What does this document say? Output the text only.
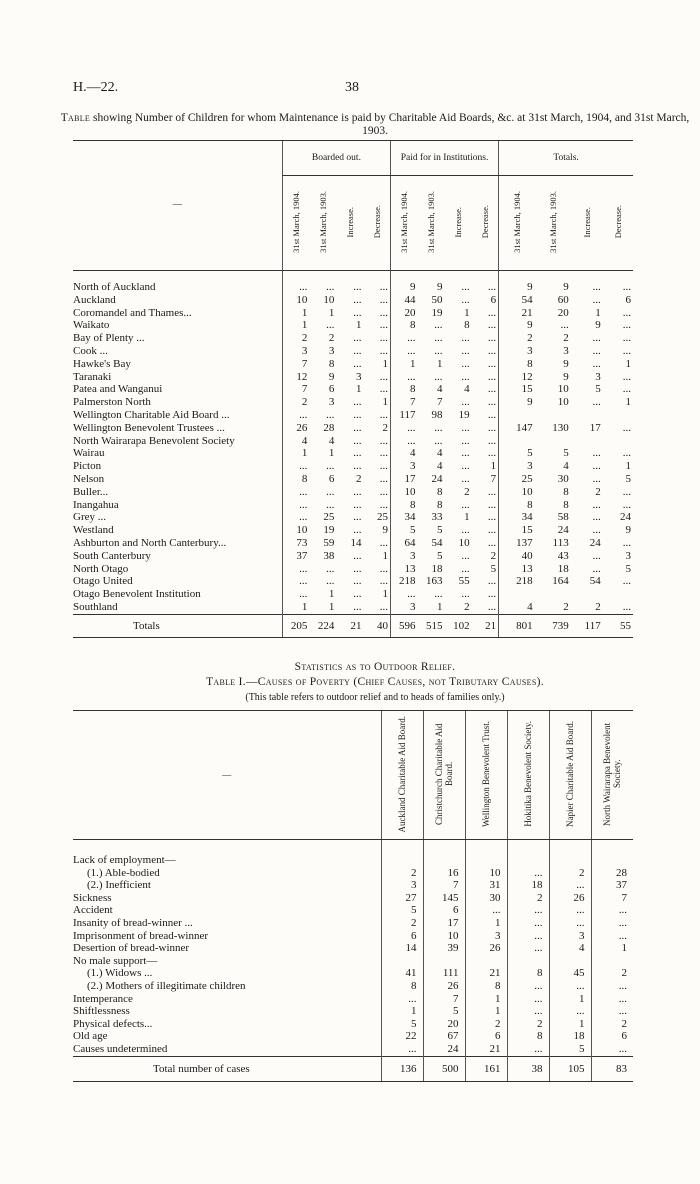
H.—22.	38
Table showing Number of Children for whom Maintenance is paid by Charitable Aid Boards, &c. at 31st March, 1904, and 31st March, 1903.
—	Boarded out.				Paid for in Institutions.				Totals.			
	31st March, 1904.	31st March, 1903.	Increase.	Decrease.	31st March, 1904.	31st March, 1903.	Increase.	Decrease.	31st March, 1904.	31st March, 1903.	Increase.	Decrease.

North of Auckland	...	...	...	...	9	9	...	...	9	9	...	...
Auckland	10	10	...	...	44	50	...	6	54	60	...	6
Coromandel and Thames...	1	1	...	...	20	19	1	...	21	20	1	...
Waikato	1	...	1	...	8	...	8	...	9	...	9	...
Bay of Plenty ...	2	2	...	...	...	...	...	...	2	2	...	...
Cook ...	3	3	...	...	...	...	...	...	3	3	...	...
Hawke's Bay	7	8	...	1	1	1	...	...	8	9	...	1
Taranaki	12	9	3	...	...	...	...	...	12	9	3	...
Patea and Wanganui	7	6	1	...	8	4	4	...	15	10	5	...
Palmerston North	2	3	...	1	7	7	...	...	9	10	...	1
Wellington Charitable Aid Board ...	...	...	...	...	117	98	19	...				
Wellington Benevolent Trustees ...	26	28	...	2	...	...	...	...	147	130	17	...
North Wairarapa Benevolent Society	4	4	...	...	...	...	...	...				
Wairau	1	1	...	...	4	4	...	...	5	5	...	...
Picton	...	...	...	...	3	4	...	1	3	4	...	1
Nelson	8	6	2	...	17	24	...	7	25	30	...	5
Buller...	...	...	...	...	10	8	2	...	10	8	2	...
Inangahua	...	...	...	...	8	8	...	...	8	8	...	...
Grey ...	...	25	...	25	34	33	1	...	34	58	...	24
Westland	10	19	...	9	5	5	...	...	15	24	...	9
Ashburton and North Canterbury...	73	59	14	...	64	54	10	...	137	113	24	...
South Canterbury	37	38	...	1	3	5	...	2	40	43	...	3
North Otago	...	...	...	...	13	18	...	5	13	18	...	5
Otago United	...	...	...	...	218	163	55	...	218	164	54	...
Otago Benevolent Institution	...	1	...	1	...	...	...	...				
Southland	1	1	...	...	3	1	2	...	4	2	2	...
Totals	205	224	21	40	596	515	102	21	801	739	117	55
Statistics as to Outdoor Relief.
Table I.—Causes of Poverty (Chief Causes, not Tributary Causes).
(This table refers to outdoor relief and to heads of families only.)
—	Auckland Charitable Aid Board.	Christchurch Charitable Aid Board.	Wellington Benevolent Trust.	Hokitika Benevolent Society.	Napier Charitable Aid Board.	North Wairarapa Benevolent Society.

Lack of employment—						
(1.) Able-bodied	2	16	10	...	2	28
(2.) Inefficient	3	7	31	18	...	37
Sickness	27	145	30	2	26	7
Accident	5	6	...	...	...	...
Insanity of bread-winner ...	2	17	1	...	...	...
Imprisonment of bread-winner	6	10	3	...	3	...
Desertion of bread-winner	14	39	26	...	4	1
No male support—						
(1.) Widows ...	41	111	21	8	45	2
(2.) Mothers of illegitimate children	8	26	8	...	...	...
Intemperance	...	7	1	...	1	...
Shiftlessness	1	5	1	...	...	...
Physical defects...	5	20	2	2	1	2
Old age	22	67	6	8	18	6
Causes undetermined	...	24	21	...	5	...
Total number of cases	136	500	161	38	105	83
